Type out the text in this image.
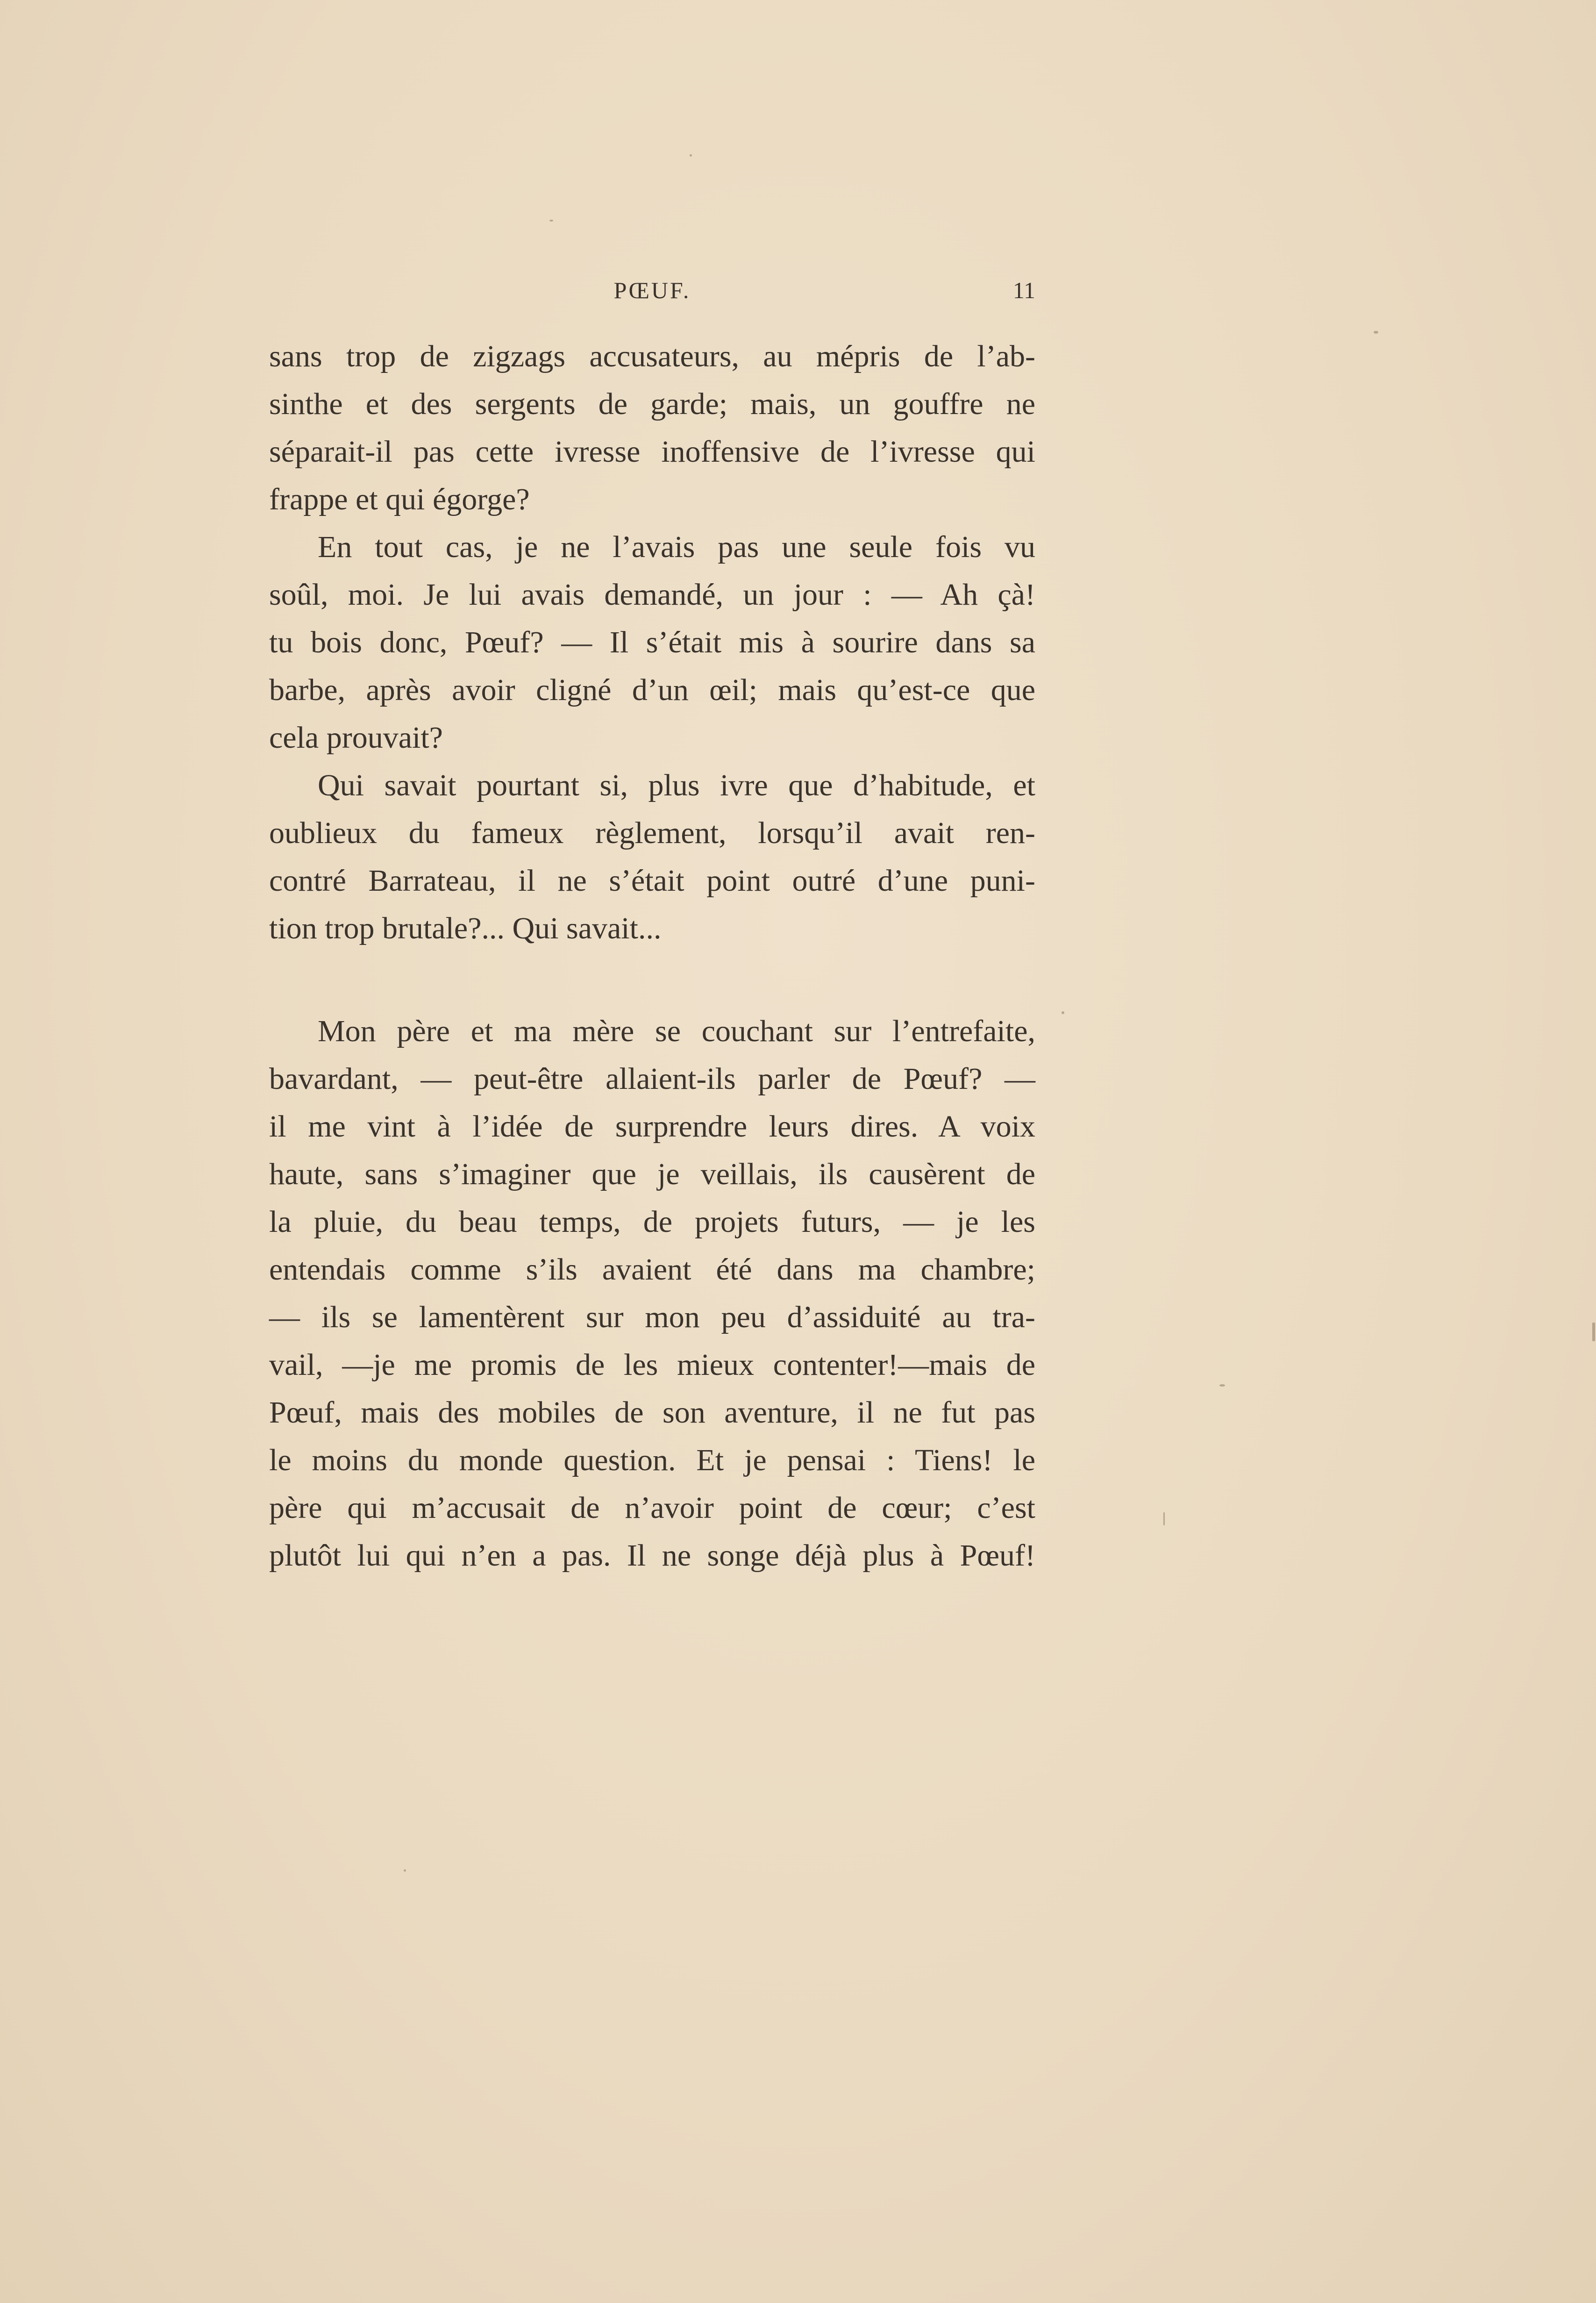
PŒUF.	11

sans trop de zigzags accusateurs, au mépris de l’ab-
sinthe et des sergents de garde; mais, un gouffre ne
séparait-il pas cette ivresse inoffensive de l’ivresse qui
frappe et qui égorge?

En tout cas, je ne l’avais pas une seule fois vu
soûl, moi. Je lui avais demandé, un jour : — Ah çà!
tu bois donc, Pœuf? — Il s’était mis à sourire dans sa
barbe, après avoir cligné d’un œil; mais qu’est-ce que
cela prouvait?

Qui savait pourtant si, plus ivre que d’habitude, et
oublieux du fameux règlement, lorsqu’il avait ren-
contré Barrateau, il ne s’était point outré d’une puni-
tion trop brutale?... Qui savait...

Mon père et ma mère se couchant sur l’entrefaite,
bavardant, — peut-être allaient-ils parler de Pœuf? —
il me vint à l’idée de surprendre leurs dires. A voix
haute, sans s’imaginer que je veillais, ils causèrent de
la pluie, du beau temps, de projets futurs, — je les
entendais comme s’ils avaient été dans ma chambre;
— ils se lamentèrent sur mon peu d’assiduité au tra-
vail, —je me promis de les mieux contenter!—mais de
Pœuf, mais des mobiles de son aventure, il ne fut pas
le moins du monde question. Et je pensai : Tiens! le
père qui m’accusait de n’avoir point de cœur; c’est
plutôt lui qui n’en a pas. Il ne songe déjà plus à Pœuf!
